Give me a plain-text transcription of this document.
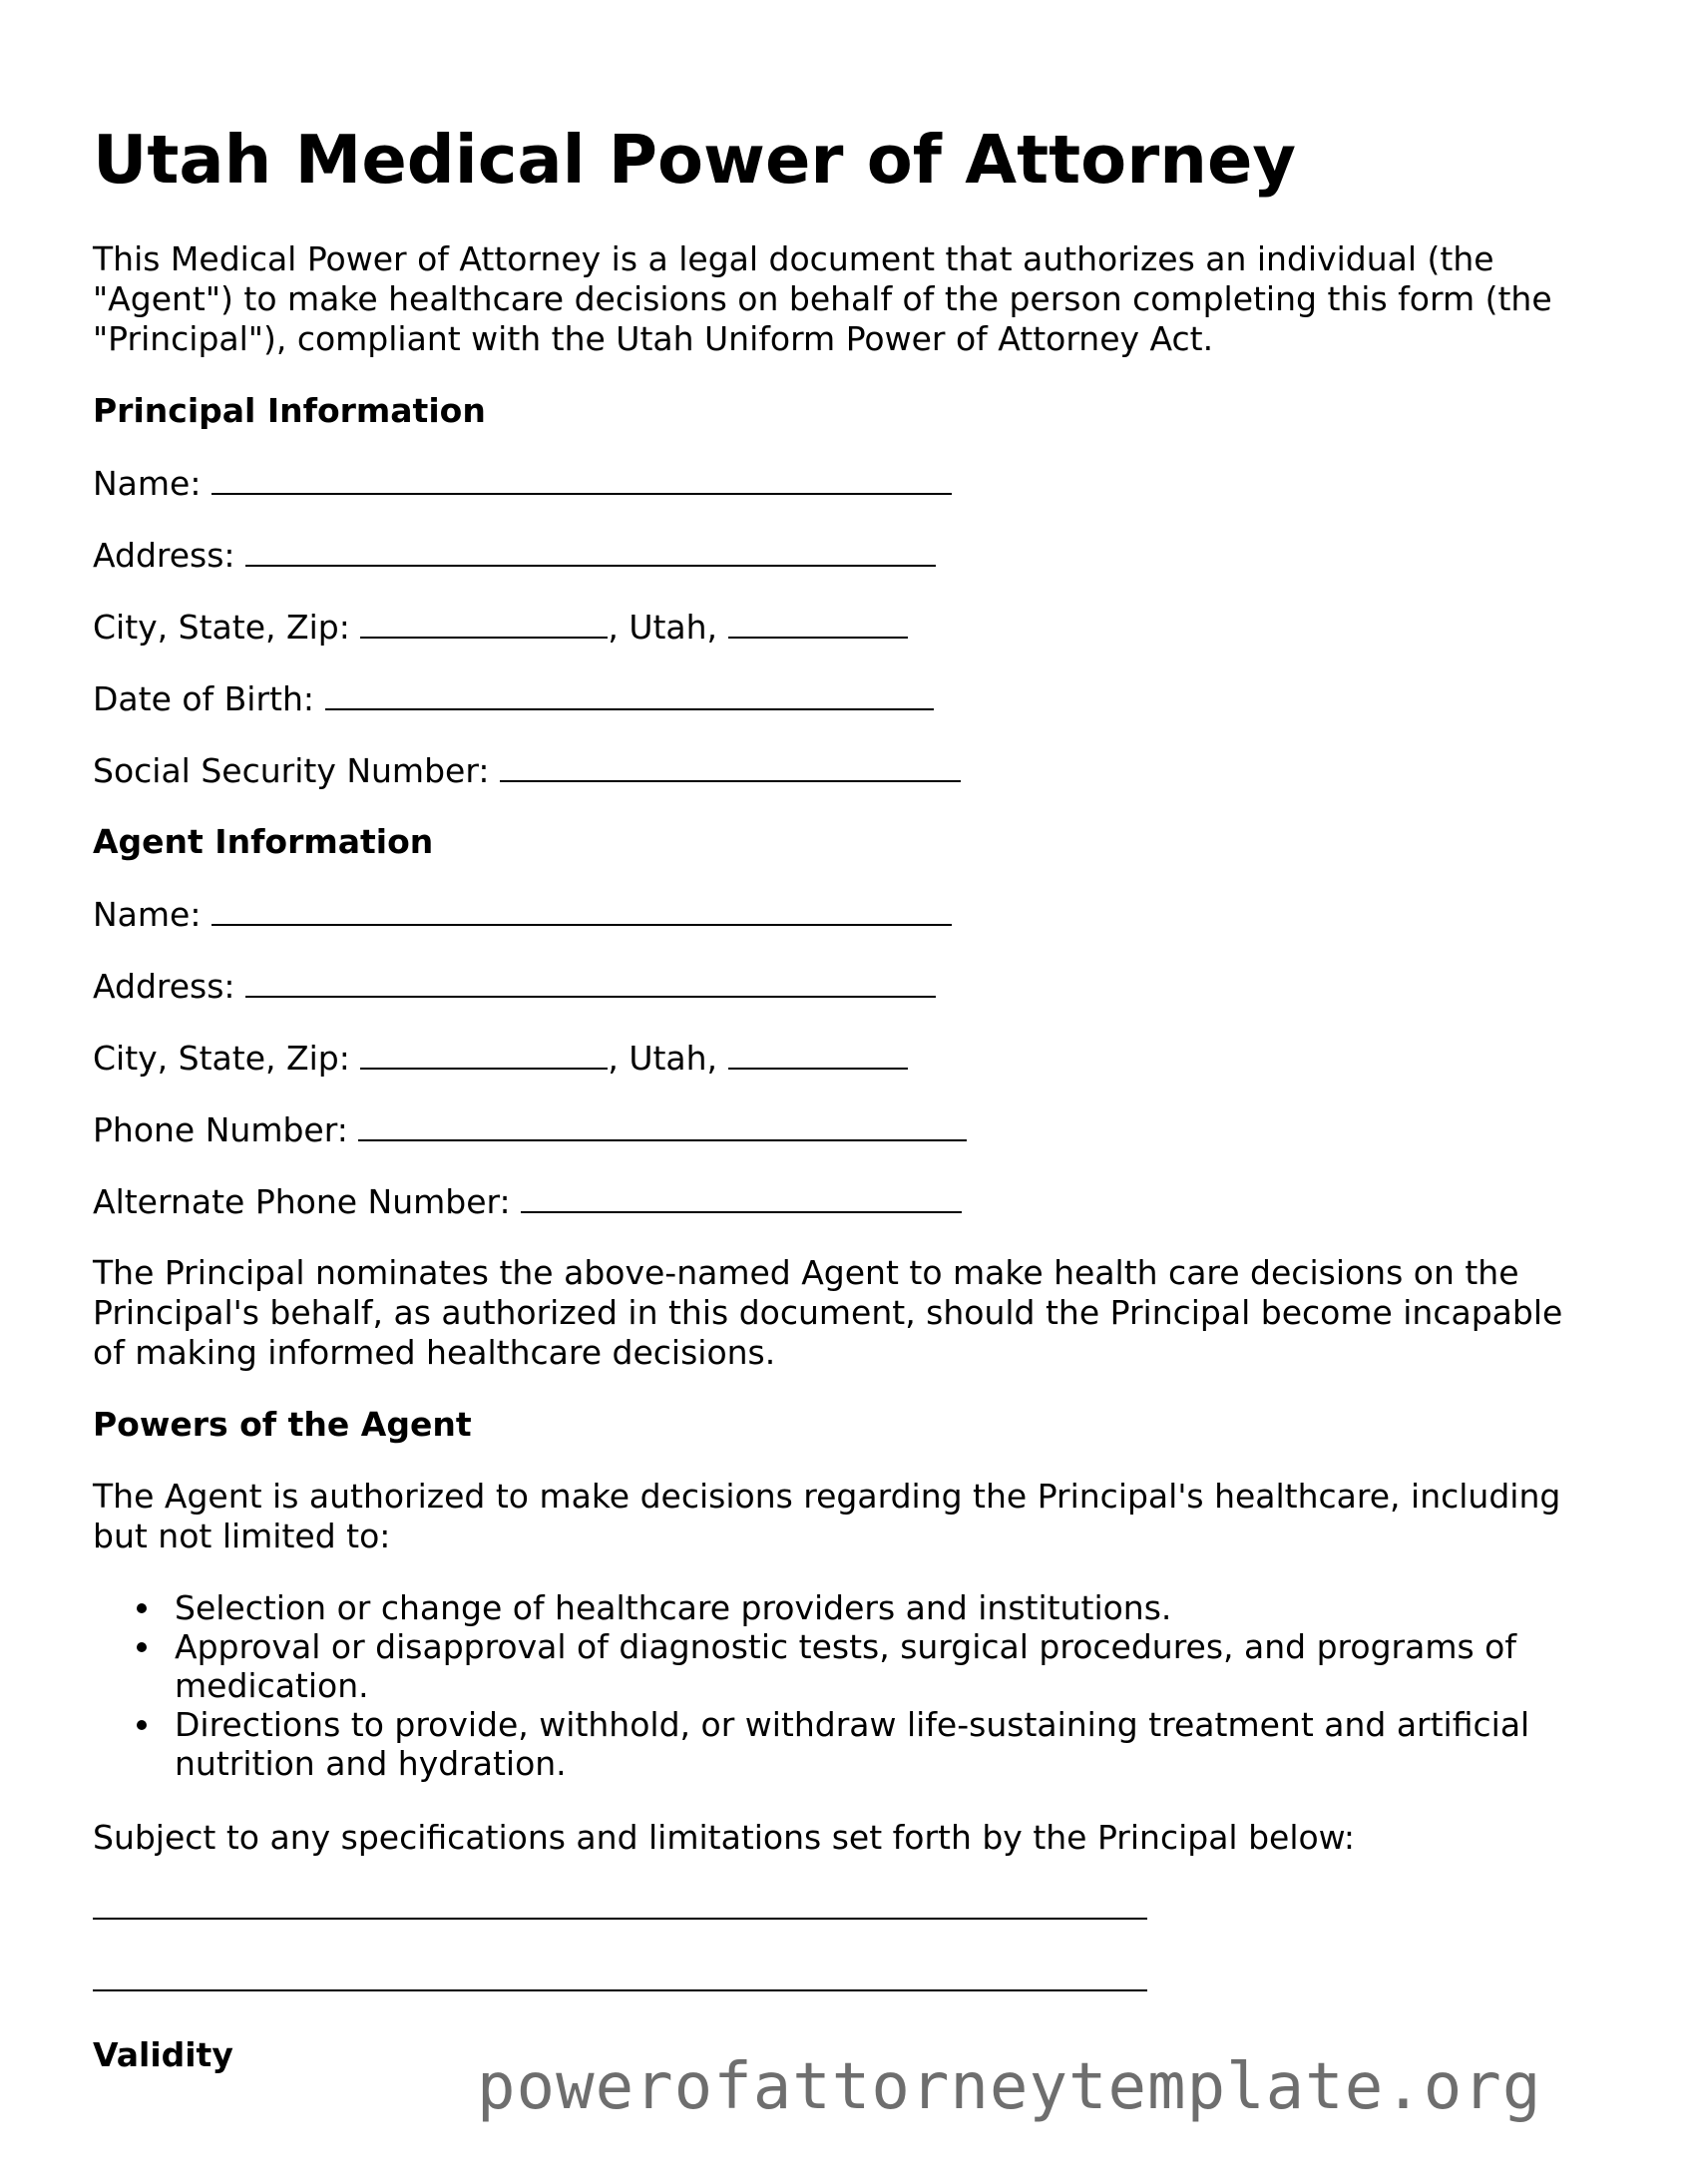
Utah Medical Power of Attorney

This Medical Power of Attorney is a legal document that authorizes an individual (the "Agent") to make healthcare decisions on behalf of the person completing this form (the "Principal"), compliant with the Utah Uniform Power of Attorney Act.

Principal Information
Name:
Address:
City, State, Zip:	, Utah,
Date of Birth:
Social Security Number:
Agent Information
Name:
Address:
City, State, Zip:	, Utah,
Phone Number:
Alternate Phone Number:

The Principal nominates the above-named Agent to make health care decisions on the Principal's behalf, as authorized in this document, should the Principal become incapable of making informed healthcare decisions.

Powers of the Agent

The Agent is authorized to make decisions regarding the Principal's healthcare, including but not limited to:

Selection or change of healthcare providers and institutions.
Approval or disapproval of diagnostic tests, surgical procedures, and programs of medication.
Directions to provide, withhold, or withdraw life-sustaining treatment and artificial nutrition and hydration.

Subject to any specifications and limitations set forth by the Principal below:

Validity	powerofattorneytemplate.org
